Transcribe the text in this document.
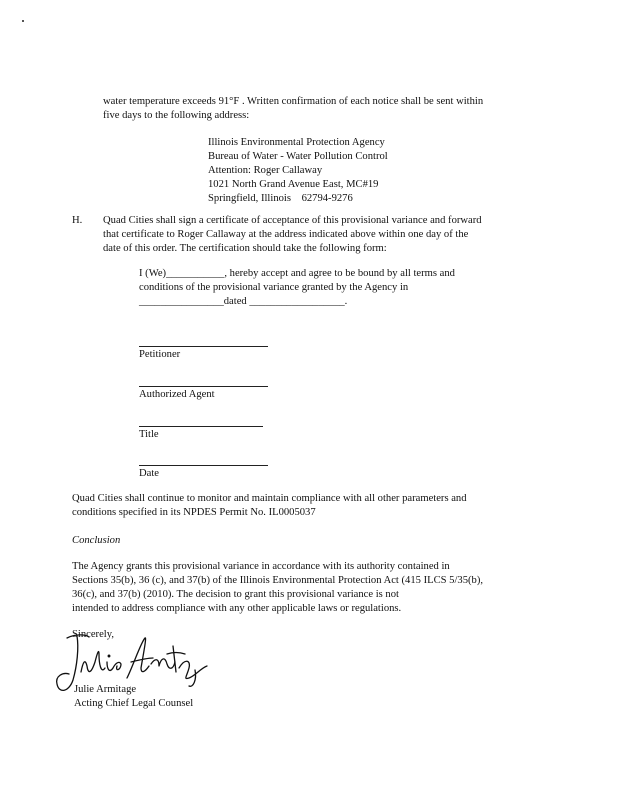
water temperature exceeds 91°F . Written confirmation of each notice shall be sent within
five days to the following address:
Illinois Environmental Protection Agency
Bureau of Water - Water Pollution Control
Attention: Roger Callaway
1021 North Grand Avenue East, MC#19
Springfield, Illinois    62794-9276
H. Quad Cities shall sign a certificate of acceptance of this provisional variance and forward
that certificate to Roger Callaway at the address indicated above within one day of the
date of this order. The certification should take the following form:
I (We)___________, hereby accept and agree to be bound by all terms and
conditions of the provisional variance granted by the Agency in
________________dated __________________.
Petitioner
Authorized Agent
Title
Date
Quad Cities shall continue to monitor and maintain compliance with all other parameters and
conditions specified in its NPDES Permit No. IL0005037
Conclusion
The Agency grants this provisional variance in accordance with its authority contained in
Sections 35(b), 36 (c), and 37(b) of the Illinois Environmental Protection Act (415 ILCS 5/35(b),
36(c), and 37(b) (2010). The decision to grant this provisional variance is not
intended to address compliance with any other applicable laws or regulations.
Sincerely,
Julie Armitage
Acting Chief Legal Counsel
